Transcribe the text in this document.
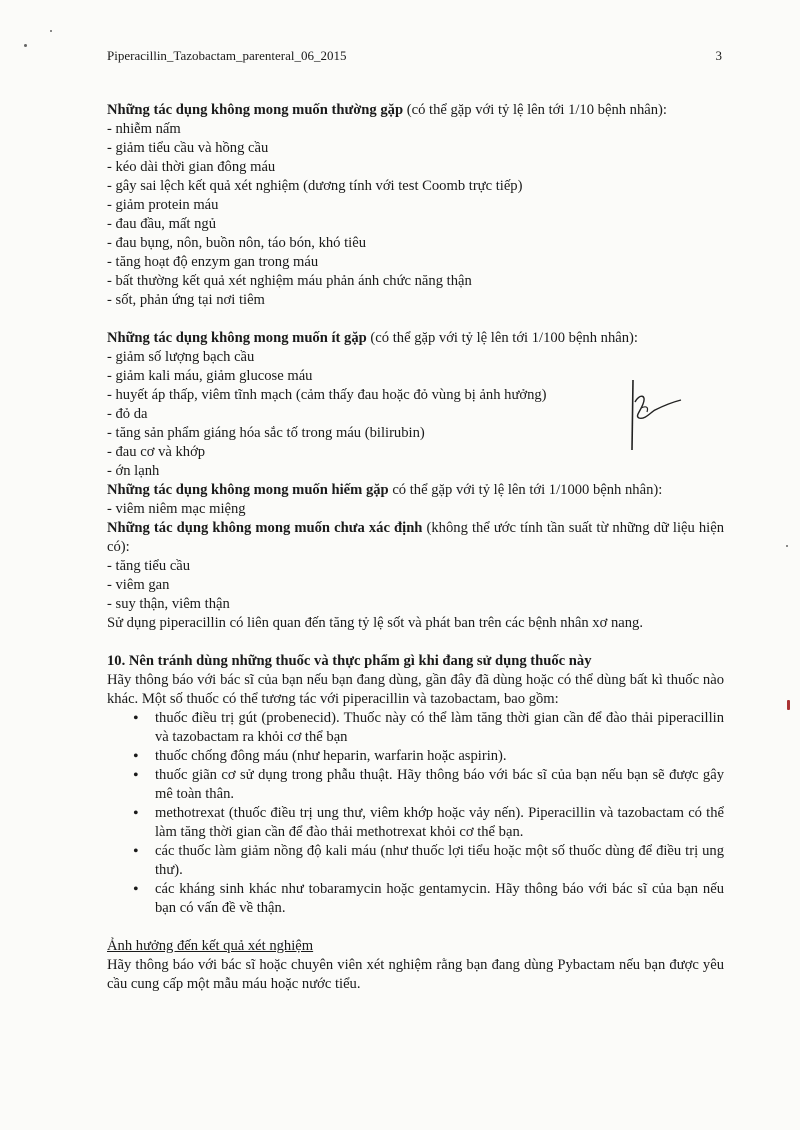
Piperacillin_Tazobactam_parenteral_06_2015	3

Những tác dụng không mong muốn thường gặp (có thể gặp với tỷ lệ lên tới 1/10 bệnh nhân):

- nhiễm nấm

- giảm tiểu cầu và hồng cầu

- kéo dài thời gian đông máu

- gây sai lệch kết quả xét nghiệm (dương tính với test Coomb trực tiếp)

- giảm protein máu

- đau đầu, mất ngủ

- đau bụng, nôn, buồn nôn, táo bón, khó tiêu

- tăng hoạt độ enzym gan trong máu

- bất thường kết quả xét nghiệm máu phản ánh chức năng thận

- sốt, phản ứng tại nơi tiêm

Những tác dụng không mong muốn ít gặp (có thể gặp với tỷ lệ lên tới 1/100 bệnh nhân):

- giảm số lượng bạch cầu

- giảm kali máu, giảm glucose máu

- huyết áp thấp, viêm tĩnh mạch (cảm thấy đau hoặc đỏ vùng bị ảnh hưởng)

- đỏ da

- tăng sản phẩm giáng hóa sắc tố trong máu (bilirubin)

- đau cơ và khớp

- ớn lạnh

Những tác dụng không mong muốn hiếm gặp có thể gặp với tỷ lệ lên tới 1/1000 bệnh nhân):

- viêm niêm mạc miệng

Những tác dụng không mong muốn chưa xác định (không thể ước tính tần suất từ những dữ liệu hiện có):

- tăng tiểu cầu

- viêm gan

- suy thận, viêm thận

Sử dụng piperacillin có liên quan đến tăng tỷ lệ sốt và phát ban trên các bệnh nhân xơ nang.

10. Nên tránh dùng những thuốc và thực phẩm gì khi đang sử dụng thuốc này

Hãy thông báo với bác sĩ của bạn nếu bạn đang dùng, gần đây đã dùng hoặc có thể dùng bất kì thuốc nào khác. Một số thuốc có thể tương tác với piperacillin và tazobactam, bao gồm:

• thuốc điều trị gút (probenecid). Thuốc này có thể làm tăng thời gian cần để đào thải piperacillin và tazobactam ra khỏi cơ thể bạn
• thuốc chống đông máu (như heparin, warfarin hoặc aspirin).
• thuốc giãn cơ sử dụng trong phẫu thuật. Hãy thông báo với bác sĩ của bạn nếu bạn sẽ được gây mê toàn thân.
• methotrexat (thuốc điều trị ung thư, viêm khớp hoặc vảy nến). Piperacillin và tazobactam có thể làm tăng thời gian cần để đào thải methotrexat khỏi cơ thể bạn.
• các thuốc làm giảm nồng độ kali máu (như thuốc lợi tiểu hoặc một số thuốc dùng để điều trị ung thư).
• các kháng sinh khác như tobaramycin hoặc gentamycin. Hãy thông báo với bác sĩ của bạn nếu bạn có vấn đề về thận.

Ảnh hưởng đến kết quả xét nghiệm

Hãy thông báo với bác sĩ hoặc chuyên viên xét nghiệm rằng bạn đang dùng Pybactam nếu bạn được yêu cầu cung cấp một mẫu máu hoặc nước tiểu.
